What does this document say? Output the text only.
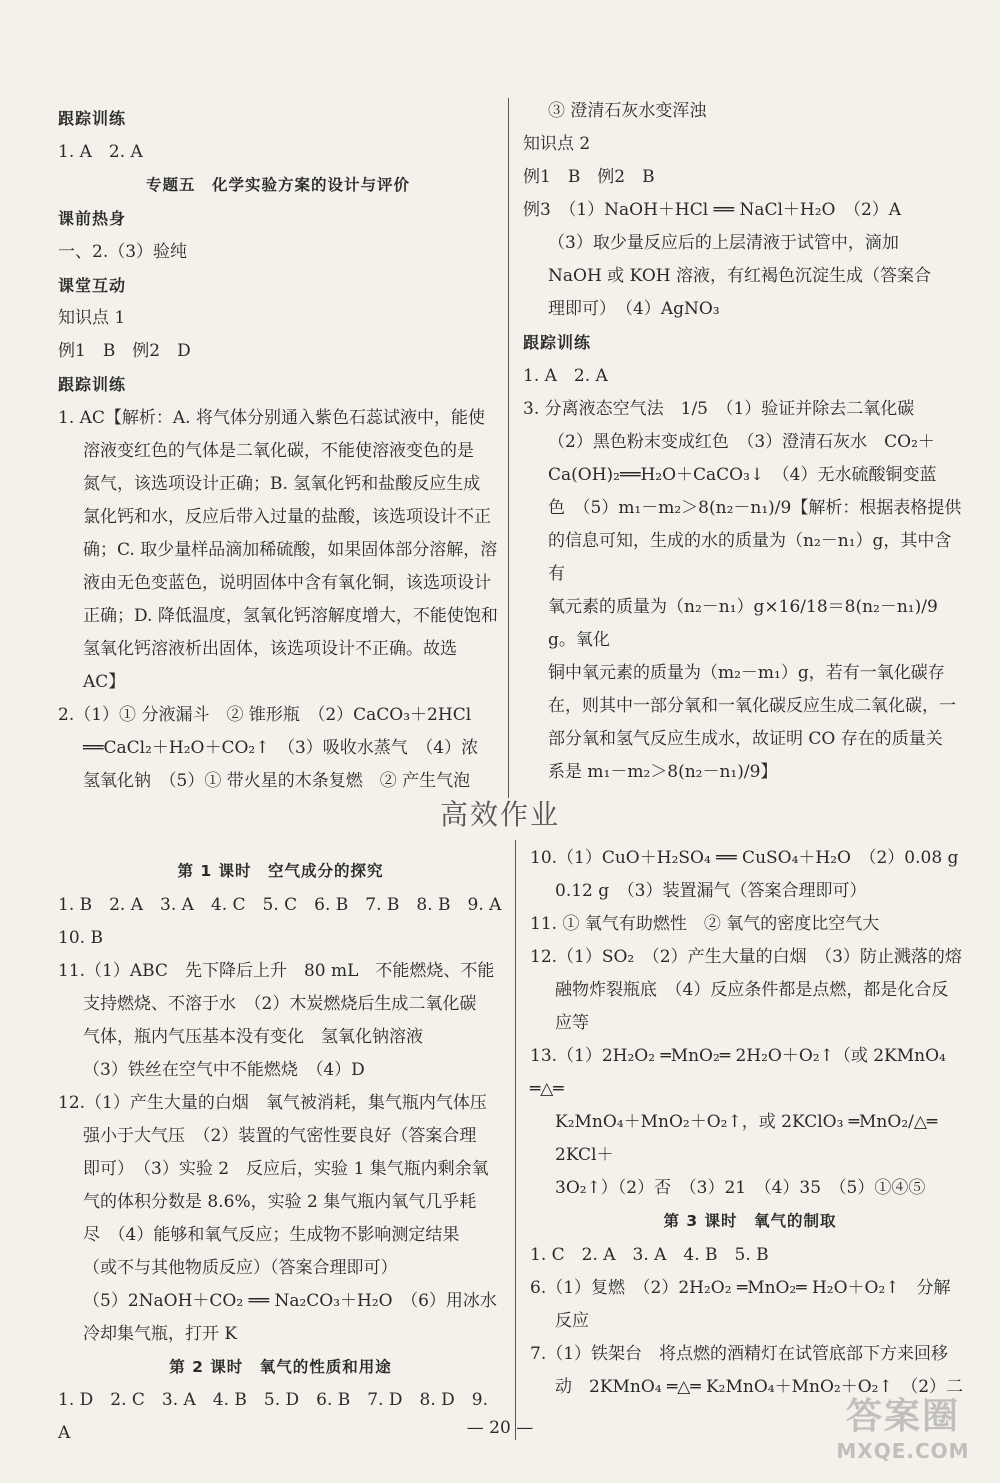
跟踪训练

1. A　2. A

专题五　化学实验方案的设计与评价

课前热身

一、2.（3）验纯

课堂互动

知识点 1

例1　B　例2　D

跟踪训练

1. AC【解析：A. 将气体分别通入紫色石蕊试液中，能使

溶液变红色的气体是二氧化碳，不能使溶液变色的是

氮气，该选项设计正确；B. 氢氧化钙和盐酸反应生成

氯化钙和水，反应后带入过量的盐酸，该选项设计不正

确；C. 取少量样品滴加稀硫酸，如果固体部分溶解，溶

液由无色变蓝色，说明固体中含有氧化铜，该选项设计

正确；D. 降低温度，氢氧化钙溶解度增大，不能使饱和

氢氧化钙溶液析出固体，该选项设计不正确。故选

AC】

2.（1）① 分液漏斗　② 锥形瓶　（2）CaCO₃＋2HCl

══CaCl₂＋H₂O＋CO₂↑　（3）吸收水蒸气　（4）浓

氢氧化钠　（5）① 带火星的木条复燃　② 产生气泡

③ 澄清石灰水变浑浊

知识点 2

例1　B　例2　B

例3　（1）NaOH＋HCl ══ NaCl＋H₂O　（2）A

（3）取少量反应后的上层清液于试管中，滴加

NaOH 或 KOH 溶液，有红褐色沉淀生成（答案合

理即可）　（4）AgNO₃

跟踪训练

1. A　2. A

3. 分离液态空气法　1/5　（1）验证并除去二氧化碳

（2）黑色粉末变成红色　（3）澄清石灰水　CO₂＋

Ca(OH)₂══H₂O＋CaCO₃↓　（4）无水硫酸铜变蓝

色　（5）m₁－m₂＞8(n₂－n₁)/9【解析：根据表格提供

的信息可知，生成的水的质量为（n₂－n₁）g，其中含有

氧元素的质量为（n₂－n₁）g×16/18＝8(n₂－n₁)/9 g。氧化

铜中氧元素的质量为（m₂－m₁）g，若有一氧化碳存

在，则其中一部分氧和一氧化碳反应生成二氧化碳，一

部分氧和氢气反应生成水，故证明 CO 存在的质量关

系是 m₁－m₂＞8(n₂－n₁)/9】

高效作业

第 1 课时　空气成分的探究

1. B　2. A　3. A　4. C　5. C　6. B　7. B　8. B　9. A

10. B

11.（1）ABC　先下降后上升　80 mL　不能燃烧、不能

支持燃烧、不溶于水　（2）木炭燃烧后生成二氧化碳

气体，瓶内气压基本没有变化　氢氧化钠溶液

（3）铁丝在空气中不能燃烧　（4）D

12.（1）产生大量的白烟　氧气被消耗，集气瓶内气体压

强小于大气压　（2）装置的气密性要良好（答案合理

即可）　（3）实验 2　反应后，实验 1 集气瓶内剩余氧

气的体积分数是 8.6%，实验 2 集气瓶内氧气几乎耗

尽　（4）能够和氧气反应；生成物不影响测定结果

（或不与其他物质反应）（答案合理即可）

（5）2NaOH＋CO₂ ══ Na₂CO₃＋H₂O　（6）用冰水

冷却集气瓶，打开 K

第 2 课时　氧气的性质和用途

1. D　2. C　3. A　4. B　5. D　6. B　7. D　8. D　9. A

10.（1）CuO＋H₂SO₄ ══ CuSO₄＋H₂O　（2）0.08 g

0.12 g　（3）装置漏气（答案合理即可）

11. ① 氧气有助燃性　② 氧气的密度比空气大

12.（1）SO₂　（2）产生大量的白烟　（3）防止溅落的熔

融物炸裂瓶底　（4）反应条件都是点燃，都是化合反

应等

13.（1）2H₂O₂ ═MnO₂═ 2H₂O＋O₂↑（或 2KMnO₄ ═△═

K₂MnO₄＋MnO₂＋O₂↑，或 2KClO₃ ═MnO₂/△═ 2KCl＋

3O₂↑）（2）否　（3）21　（4）35　（5）①④⑤

第 3 课时　氧气的制取

1. C　2. A　3. A　4. B　5. B

6.（1）复燃　（2）2H₂O₂ ═MnO₂═ H₂O＋O₂↑　分解

反应

7.（1）铁架台　将点燃的酒精灯在试管底部下方来回移

动　2KMnO₄ ═△═ K₂MnO₄＋MnO₂＋O₂↑　（2）二

— 20 —	答案圈
MXQE.COM
